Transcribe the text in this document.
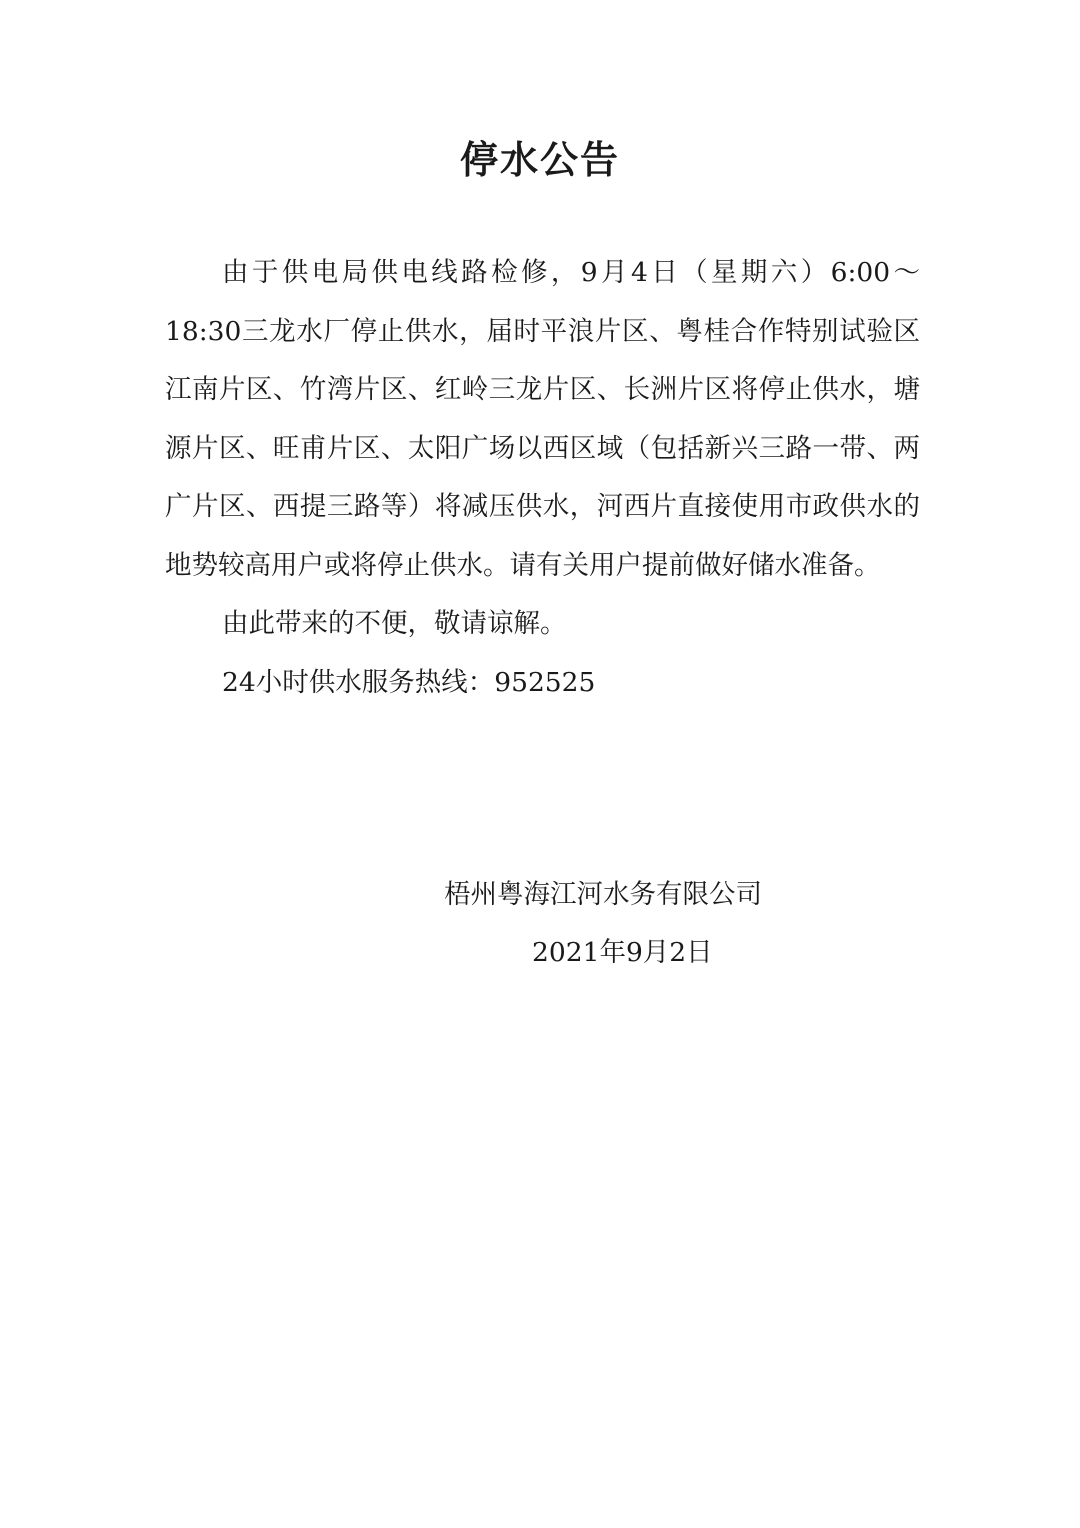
停水公告

由于供电局供电线路检修，9月4日（星期六）6:00～18:30三龙水厂停止供水，届时平浪片区、粤桂合作特别试验区江南片区、竹湾片区、红岭三龙片区、长洲片区将停止供水，塘源片区、旺甫片区、太阳广场以西区域（包括新兴三路一带、两广片区、西提三路等）将减压供水，河西片直接使用市政供水的地势较高用户或将停止供水。请有关用户提前做好储水准备。

由此带来的不便，敬请谅解。

24小时供水服务热线：952525

梧州粤海江河水务有限公司
2021年9月2日
